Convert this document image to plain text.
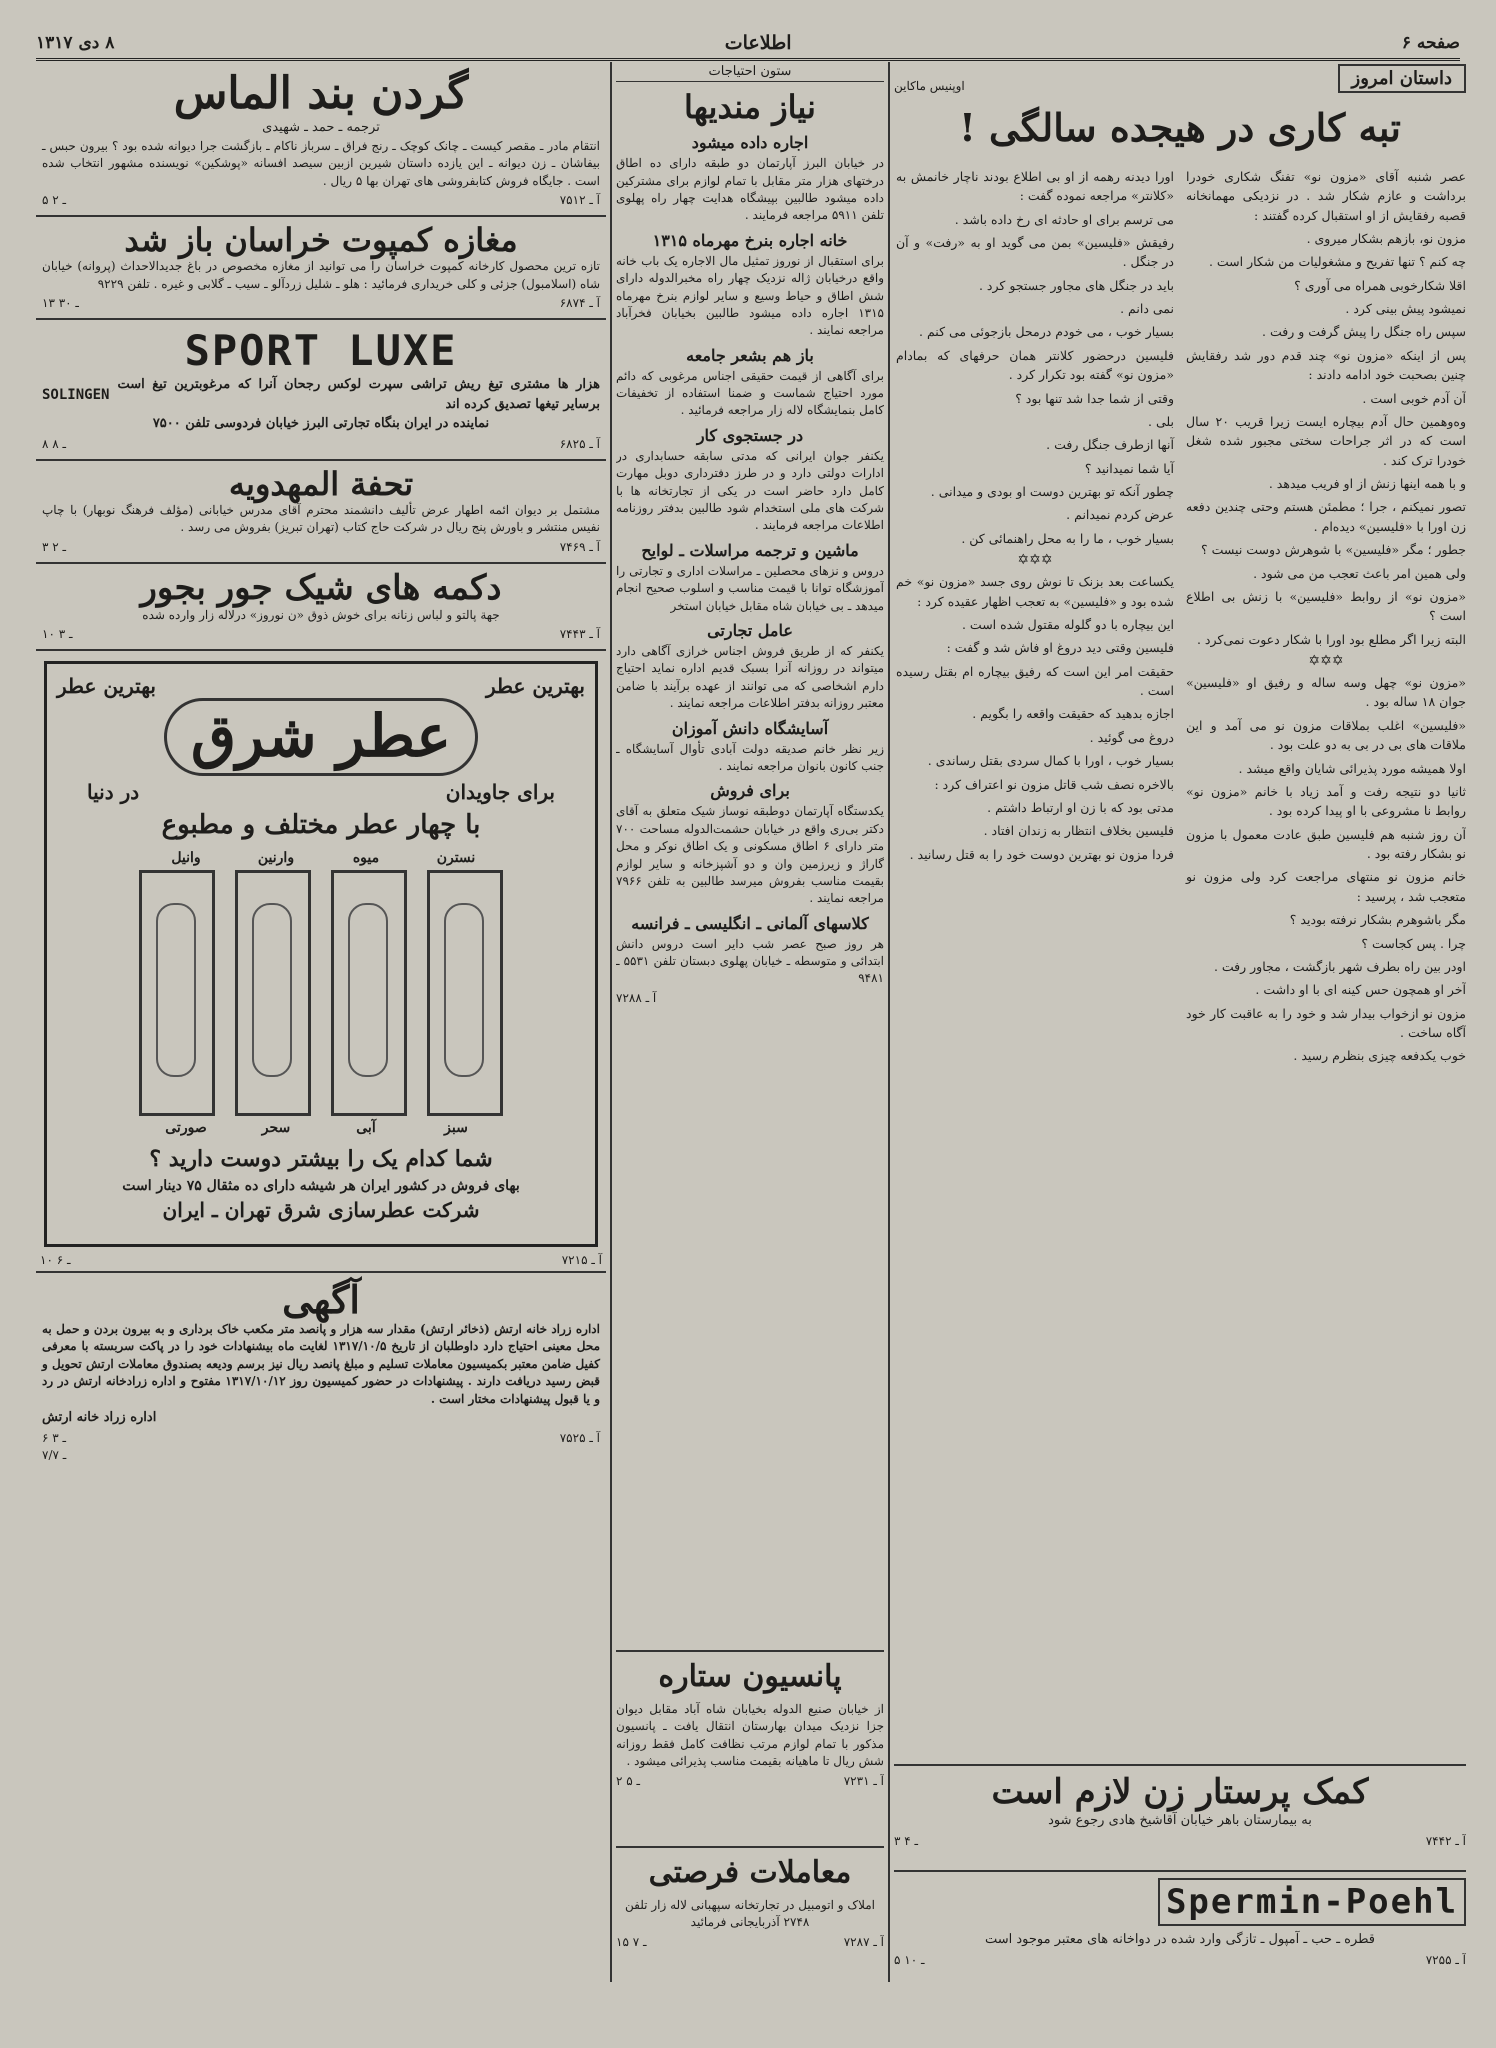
صفحه ۶
اطلاعات
۸ دی ۱۳۱۷
داستان امروز
اوپنیس ماکاین
تبه کاری در هیجده سالگی !

عصر شنبه آقای «مزون نو» تفنگ شکاری خودرا برداشت و عازم شکار شد . در نزدیکی مهمانخانه قصبه رفقایش از او استقبال کرده گفتند :

مزون نو، بازهم بشکار میروی .

چه کنم ؟ تنها تفریح و مشغولیات من شکار است .

اقلا شکارخوبی همراه می آوری ؟

نمیشود پیش بینی کرد .

سپس راه جنگل را پیش گرفت و رفت .

پس از اینکه «مزون نو» چند قدم دور شد رفقایش چنین بصحبت خود ادامه دادند :

آن آدم خوبی است .

وه‌وهمین حال آدم بیچاره ایست زیرا قریب ۲۰ سال است که در اثر جراحات سختی مجبور شده شغل خودرا ترک کند .

و با همه اینها زنش از او فریب میدهد .

تصور نمیکنم ، جرا ؛ مطمئن هستم وحتی چندین دفعه زن اورا با «فلیسین» دیده‌ام .

جطور ؛ مگر «فلیسین» با شوهرش دوست نیست ؟

ولی همین امر باعث تعجب من می شود .

«مزون نو» از روابط «فلیسین» با زنش بی اطلاع است ؟

البته زیرا اگر مطلع بود اورا با شکار دعوت نمی‌کرد .

✡✡✡

«مزون نو» چهل وسه ساله و رفیق او «فلیسین» جوان ۱۸ ساله بود .

«فلیسین» اغلب بملاقات مزون نو می آمد و این ملاقات های بی در بی به دو علت بود .

اولا همیشه مورد پذیرائی شایان واقع میشد .

ثانیا دو نتیجه رفت و آمد زیاد با خانم «مزون نو» روابط نا مشروعی با او پیدا کرده بود .

آن روز شنبه هم فلیسین طبق عادت معمول با مزون نو بشکار رفته بود .

خانم مزون نو منتهای مراجعت کرد ولی مزون نو متعجب شد ، پرسید :

مگر باشوهرم بشکار نرفته بودید ؟

چرا . پس کجاست ؟

اودر بین راه بطرف شهر بازگشت ، مجاور رفت .

آخر او همچون حس کینه ای با او داشت .

مزون نو ازخواب بیدار شد و خود را به عاقبت کار خود آگاه ساخت .

خوب یکدفعه چیزی بنظرم رسید .

اورا دیدنه رهمه از او بی اطلاع بودند ناچار خانمش به «کلانتر» مراجعه نموده گفت :

می ترسم برای او حادثه ای رخ داده باشد .

رفیقش «فلیسین» بمن می گوید او به «رفت» و آن در جنگل .

باید در جنگل های مجاور جستجو کرد .

نمی دانم .

بسیار خوب ، می خودم درمحل بازجوئی می کنم .

فلیسین درحضور کلانتر همان حرفهای که بمادام «مزون نو» گفته بود تکرار کرد .

وقتی از شما جدا شد تنها بود ؟

بلی .

آنها ازطرف جنگل رفت .

آیا شما نمیدانید ؟

چطور آنکه تو بهترین دوست او بودی و میدانی .

عرض کردم نمیدانم .

بسیار خوب ، ما را به محل راهنمائی کن .

✡✡✡

یکساعت بعد بزنک تا نوش روی جسد «مزون نو» خم شده بود و «فلیسین» به تعجب اظهار عقیده کرد :

این بیچاره با دو گلوله مقتول شده است .

فلیسین وقتی دید دروغ او فاش شد و گفت :

حقیقت امر این است که رفیق بیچاره ام بقتل رسیده است .

اجازه بدهید که حقیقت واقعه را بگویم .

دروغ می گوئید .

بسیار خوب ، اورا با کمال سردی بقتل رساندی .

بالاخره نصف شب قاتل مزون نو اعتراف کرد :

مدتی بود که با زن او ارتباط داشتم .

فلیسین بخلاف انتظار به زندان افتاد .

فردا مزون نو بهترین دوست خود را به قتل رسانید .

کمک پرستار زن لازم است
به بیمارستان باهر خیابان آقاشیخ هادی رجوع شود
۳ ـ ۴	آ ـ ۷۴۴۲
Spermin-Poehl
قطره ـ حب ـ آمپول ـ تازگی وارد شده در دواخانه های معتبر موجود است
۵ ـ ۱۰	آ ـ ۷۲۵۵
ستون احتیاجات
نیاز مندیها
اجاره داده میشود
در خیابان البرز آپارتمان دو طبقه دارای ده اطاق درختهای هزار متر مقابل با تمام لوازم برای مشترکین داده میشود طالبین بپیشگاه هدایت چهار راه پهلوی تلفن ۵۹۱۱ مراجعه فرمایند .
خانه اجاره بنرخ مهرماه ۱۳۱۵
برای استقبال از نوروز تمثیل مال الاجاره یک باب خانه واقع درخیابان ژاله نزدیک چهار راه مخبرالدوله دارای شش اطاق و حیاط وسیع و سایر لوازم بنرخ مهرماه ۱۳۱۵ اجاره داده میشود طالبین بخیابان فخرآباد مراجعه نمایند .
باز هم بشعر جامعه
برای آگاهی از قیمت حقیقی اجناس مرغوبی که دائم مورد احتیاج شماست و ضمنا استفاده از تخفیفات کامل بنمایشگاه لاله زار مراجعه فرمائید .
در جستجوی کار
یکنفر جوان ایرانی که مدتی سابقه حسابداری در ادارات دولتی دارد و در طرز دفترداری دوبل مهارت کامل دارد حاضر است در یکی از تجارتخانه ها با شرکت های ملی استخدام شود طالبین بدفتر روزنامه اطلاعات مراجعه فرمایند .
ماشین و ترجمه مراسلات ـ لوایح
دروس و نزهای محصلین ـ مراسلات اداری و تجارتی را آموزشگاه توانا با قیمت مناسب و اسلوب صحیح انجام میدهد ـ بی خیابان شاه مقابل خیابان استخر
عامل تجارتی
یکنفر که از طریق فروش اجناس خرازی آگاهی دارد میتواند در روزانه آنرا بسبک قدیم اداره نماید احتیاج دارم اشخاصی که می توانند از عهده برآیند با ضامن معتبر روزانه بدفتر اطلاعات مراجعه نمایند .
آسایشگاه دانش آموزان
زیر نظر خانم صدیقه دولت آبادی تأوال آسایشگاه ـ جنب کانون بانوان مراجعه نمایند .
برای فروش
یکدستگاه آپارتمان دوطبقه نوساز شیک متعلق به آقای دکتر بی‌ری واقع در خیابان حشمت‌الدوله مساحت ۷۰۰ متر دارای ۶ اطاق مسکونی و یک اطاق نوکر و محل گاراژ و زیرزمین وان و دو آشپزخانه و سایر لوازم بقیمت مناسب بفروش میرسد طالبین به تلفن ۷۹۶۶ مراجعه نمایند .
کلاسهای آلمانی ـ انگلیسی ـ فرانسه
هر روز صبح عصر شب دایر است دروس دانش ابتدائی و متوسطه ـ خیابان پهلوی دبستان تلفن ۵۵۳۱ ـ ۹۴۸۱
آ ـ ۷۲۸۸
پانسیون ستاره
از خیابان صنیع الدوله بخیابان شاه آباد مقابل دیوان جزا نزدیک میدان بهارستان انتقال یافت ـ پانسیون مذکور با تمام لوازم مرتب نظافت کامل فقط روزانه شش ریال تا ماهیانه بقیمت مناسب پذیرائی میشود .
۲ ـ ۵	آ ـ ۷۲۳۱
معاملات فرصتی
املاک و اتومبیل در تجارتخانه سپهبانی لاله زار تلفن ۲۷۴۸ آذربایجانی فرمائید
۱۵ ـ ۷	آ ـ ۷۲۸۷
گردن بند الماس
ترجمه ـ حمد ـ شهیدی
انتقام مادر ـ مقصر کیست ـ چانک کوچک ـ رنج فراق ـ سرباز ناکام ـ بازگشت جرا دیوانه شده بود ؟ بیرون حبس ـ بیفاشان ـ زن دیوانه ـ این یازده داستان شیرین ازبین سیصد افسانه «پوشکین» نویسنده مشهور انتخاب شده است . جایگاه فروش کتابفروشی های تهران بها ۵ ریال .
۵ ـ ۲	آ ـ ۷۵۱۲
مغازه کمپوت خراسان باز شد
تازه ترین محصول کارخانه کمپوت خراسان را می توانید از مغازه مخصوص در باغ جدیدالاحداث (پروانه) خیابان شاه (اسلامبول) جزئی و کلی خریداری فرمائید : هلو ـ شلیل زردآلو ـ سیب ـ گلابی و غیره . تلفن ۹۲۲۹
۱۳ ـ ۳۰	آ ـ ۶۸۷۴
SPORT LUXE
هزار ها مشتری تیغ ریش تراشی سپرت لوکس رجحان آنرا که مرغوبترین تیغ است برسایر تیغها تصدیق کرده اند
SOLINGEN
نماینده در ایران بنگاه تجارتی البرز خیابان فردوسی تلفن ۷۵۰۰
۸ ـ ۸	آ ـ ۶۸۲۵
تحفة المهدويه
مشتمل بر دیوان ائمه اطهار عرض تألیف دانشمند محترم آقای مدرس خیابانی (مؤلف فرهنگ نوبهار) با چاپ نفیس منتشر و باورش پنج ریال در شرکت حاج کتاب (تهران تبریز) بفروش می رسد .
۳ ـ ۲	آ ـ ۷۴۶۹
دکمه های شیک جور بجور
جهة پالتو و لباس زنانه برای خوش ذوق «ن نوروز» درلاله زار وارده شده
۱۰ ـ ۳	آ ـ ۷۴۴۳
بهترین عطر
بهترین عطر
عطر شرق
برای جاویدان
در دنیا
با چهار عطر مختلف و مطبوع
نسترن
میوه
وارنین
وانیل
سبز
آبی
سحر
صورتی
شما کدام یک را بیشتر دوست دارید ؟
بهای فروش در کشور ایران هر شیشه دارای ده مثقال ۷۵ دینار است
شرکت عطرسازی شرق تهران ـ ایران
۱۰ ـ ۶	آ ـ ۷۲۱۵
آگهی
اداره زراد خانه ارتش (ذخائر ارتش) مقدار سه هزار و پانصد متر مکعب خاک برداری و به بیرون بردن و حمل به محل معینی احتیاج دارد داوطلبان از تاریخ ۱۳۱۷/۱۰/۵ لغایت ماه بیشنهادات خود را در پاکت سربسته با معرفی کفیل ضامن معتبر بکمیسیون معاملات تسلیم و مبلغ پانصد ریال نیز برسم ودیعه بصندوق معاملات ارتش تحویل و قبض رسید دریافت دارند . پیشنهادات در حضور کمیسیون روز ۱۳۱۷/۱۰/۱۲ مفتوح و اداره زرادخانه ارتش در رد و یا قبول پیشنهادات مختار است .
اداره زراد خانه ارتش
۶ ـ ۳	آ ـ ۷۵۲۵
۷/۷ ـ
